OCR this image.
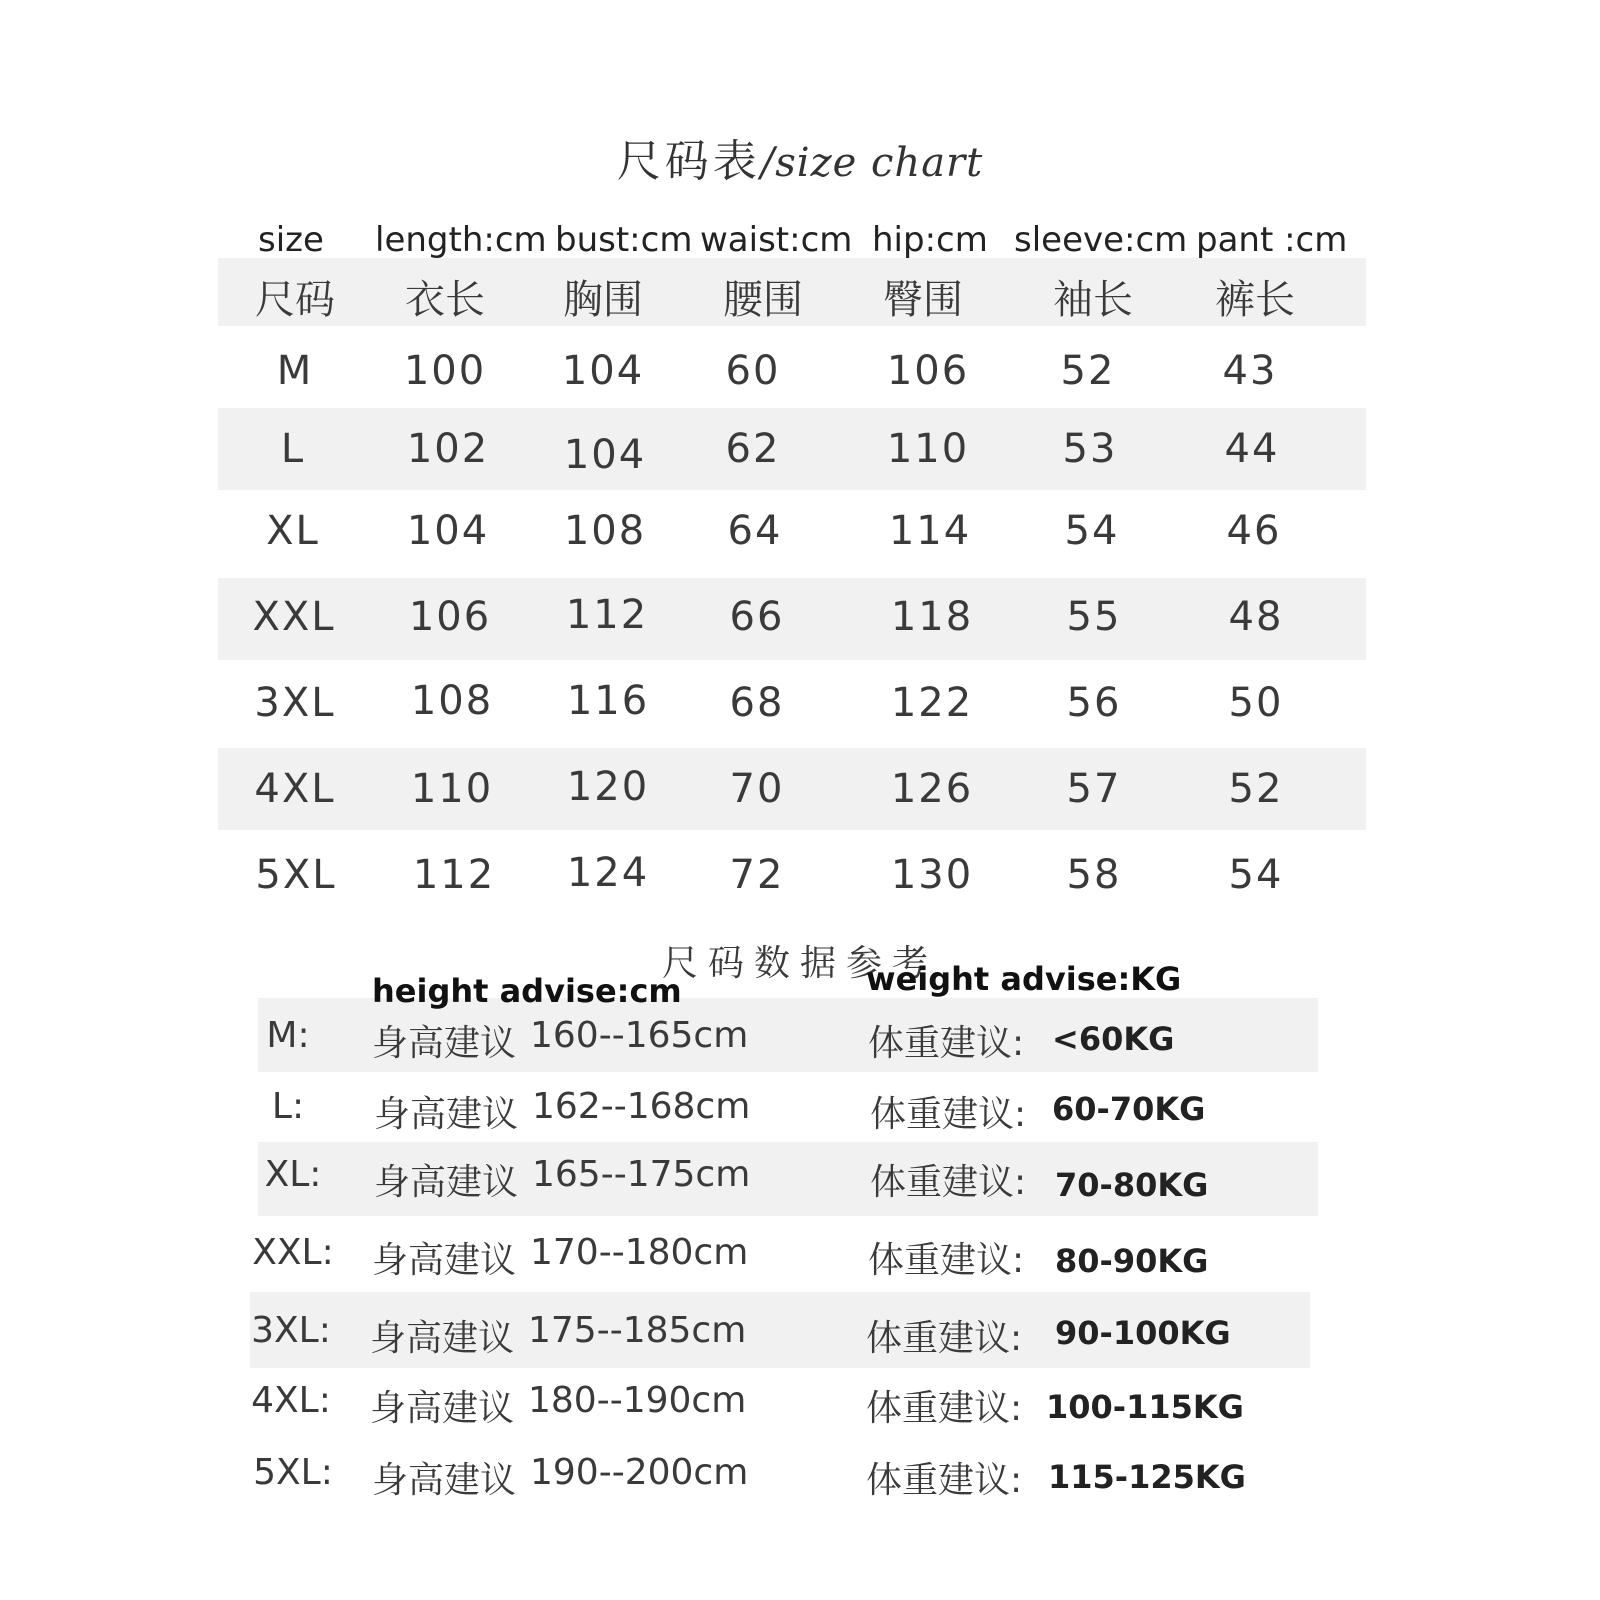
尺码表/size chart
size length:cm bust:cm waist:cm hip:cm sleeve:cm pant :cm
尺码	衣长	胸围	腰围	臀围	袖长	裤长
M	100	104	60	106	52	43
L	102	104	62	110	53	44
XL	104	108	64	114	54	46
XXL	106	112	66	118	55	48
3XL	108	116	68	122	56	50
4XL	110	120	70	126	57	52
5XL	112	124	72	130	58	54
尺码数据参考
height advise:cm	weight advise:KG
M:	身高建议 160--165cm	体重建议: <60KG
L:	身高建议 162--168cm	体重建议: 60-70KG
XL:	身高建议 165--175cm	体重建议: 70-80KG
XXL: 身高建议 170--180cm	体重建议: 80-90KG
3XL: 身高建议 175--185cm	体重建议: 90-100KG
4XL: 身高建议 180--190cm	体重建议: 100-115KG
5XL: 身高建议 190--200cm	体重建议: 115-125KG
